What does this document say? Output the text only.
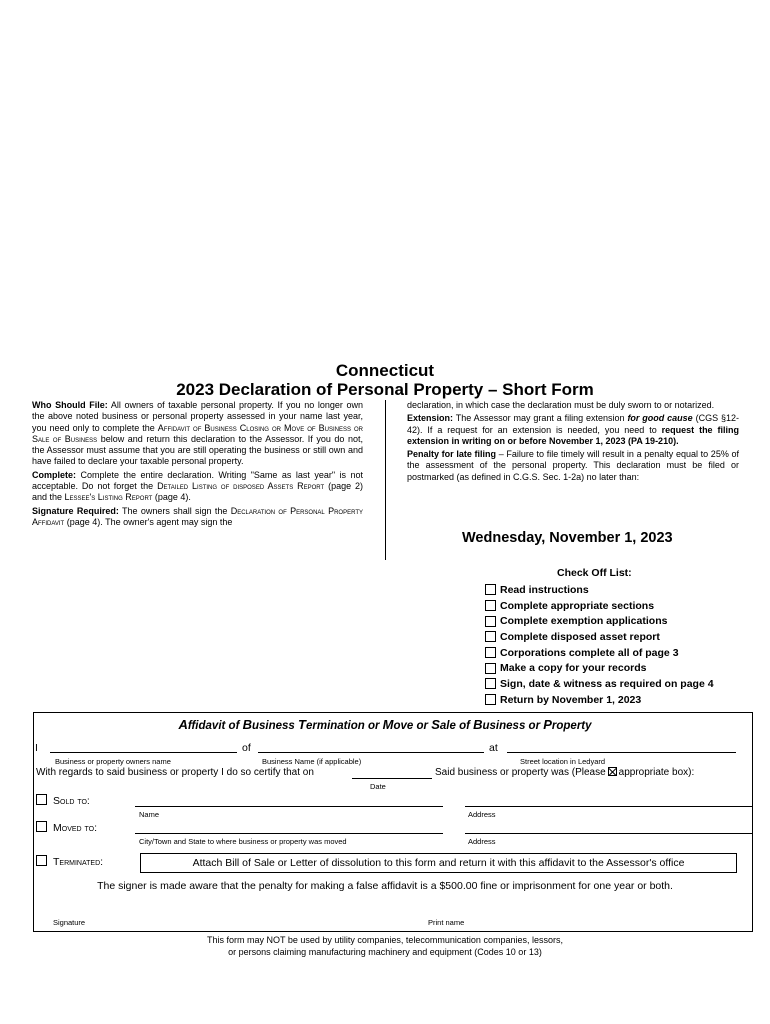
Connecticut
2023 Declaration of Personal Property – Short Form

Who Should File: All owners of taxable personal property. If you no longer own the above noted business or personal property assessed in your name last year, you need only to complete the Affidavit of Business Closing or Move of Business or Sale of Business below and return this declaration to the Assessor. If you do not, the Assessor must assume that you are still operating the business or still own and have failed to declare your taxable personal property.

Complete: Complete the entire declaration. Writing "Same as last year" is not acceptable. Do not forget the Detailed Listing of disposed Assets Report (page 2) and the Lessee's Listing Report (page 4).

Signature Required: The owners shall sign the Declaration of Personal Property Affidavit (page 4). The owner's agent may sign the

declaration, in which case the declaration must be duly sworn to or notarized.

Extension: The Assessor may grant a filing extension for good cause (CGS §12-42). If a request for an extension is needed, you need to request the filing extension in writing on or before November 1, 2023 (PA 19-210).

Penalty for late filing – Failure to file timely will result in a penalty equal to 25% of the assessment of the personal property. This declaration must be filed or postmarked (as defined in C.G.S. Sec. 1-2a) no later than:

Wednesday, November 1, 2023
Check Off List:
Read instructions
Complete appropriate sections
Complete exemption applications
Complete disposed asset report
Corporations complete all of page 3
Make a copy for your records
Sign, date & witness as required on page 4
Return by November 1, 2023
Affidavit of Business Termination or Move or Sale of Business or Property
I	of	at
Business or property owners name	Business Name (if applicable)	Street location in Ledyard
With regards to said business or property I do so certify that on	Said business or property was (Please appropriate box):
Date
Sold to:
Name	Address
Moved to:
City/Town and State to where business or property was moved	Address
Terminated:	Attach Bill of Sale or Letter of dissolution to this form and return it with this affidavit to the Assessor's office
The signer is made aware that the penalty for making a false affidavit is a $500.00 fine or imprisonment for one year or both.
Signature	Print name
This form may NOT be used by utility companies, telecommunication companies, lessors,
or persons claiming manufacturing machinery and equipment (Codes 10 or 13)
